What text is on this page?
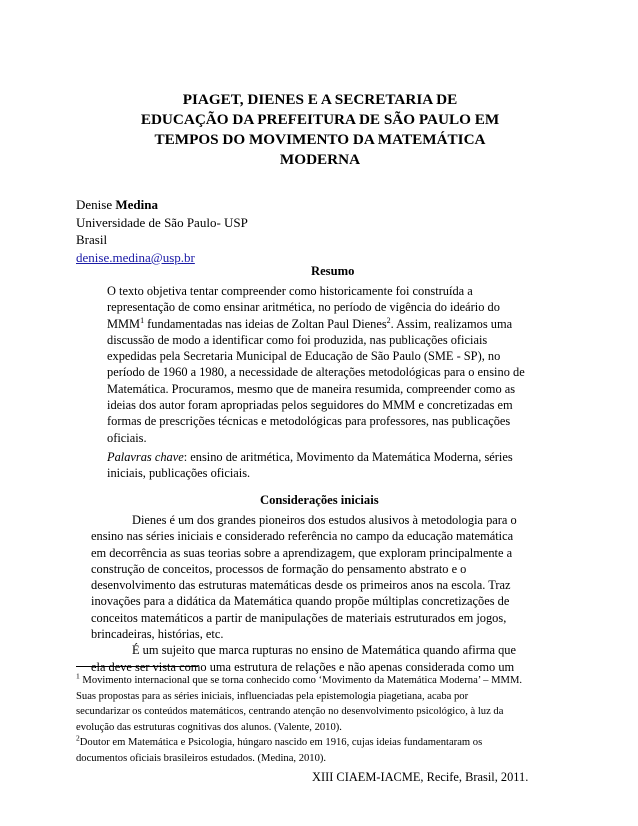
PIAGET, DIENES E A SECRETARIA DE
EDUCAÇÃO DA PREFEITURA DE SÃO PAULO EM
TEMPOS DO MOVIMENTO DA MATEMÁTICA
MODERNA
Denise Medina
Universidade de São Paulo- USP
Brasil
denise.medina@usp.br
Resumo
O texto objetiva tentar compreender como historicamente foi construída a
representação de como ensinar aritmética, no período de vigência do ideário do
MMM$^1$ fundamentadas nas ideias de Zoltan Paul Dienes$^2$. Assim, realizamos uma
discussão de modo a identificar como foi produzida, nas publicações oficiais
expedidas pela Secretaria Municipal de Educação de São Paulo (SME - SP), no
período de 1960 a 1980, a necessidade de alterações metodológicas para o ensino de
Matemática. Procuramos, mesmo que de maneira resumida, compreender como as
ideias dos autor foram apropriadas pelos seguidores do MMM e concretizadas em
formas de prescrições técnicas e metodológicas para professores, nas publicações
oficiais.
Palavras chave: ensino de aritmética, Movimento da Matemática Moderna, séries
iniciais, publicações oficiais.
Considerações iniciais
Dienes é um dos grandes pioneiros dos estudos alusivos à metodologia para o
ensino nas séries iniciais e considerado referência no campo da educação matemática
em decorrência as suas teorias sobre a aprendizagem, que exploram principalmente a
construção de conceitos, processos de formação do pensamento abstrato e o
desenvolvimento das estruturas matemáticas desde os primeiros anos na escola. Traz
inovações para a didática da Matemática quando propõe múltiplas concretizações de
conceitos matemáticos a partir de manipulações de materiais estruturados em jogos,
brincadeiras, histórias, etc.
É um sujeito que marca rupturas no ensino de Matemática quando afirma que
ela deve ser vista como uma estrutura de relações e não apenas considerada como um
$^1$ Movimento internacional que se torna conhecido como ‘Movimento da Matemática Moderna’ – MMM.
Suas propostas para as séries iniciais, influenciadas pela epistemologia piagetiana, acaba por
secundarizar os conteúdos matemáticos, centrando atenção no desenvolvimento psicológico, à luz da
evolução das estruturas cognitivas dos alunos. (Valente, 2010).
$^2$Doutor em Matemática e Psicologia, húngaro nascido em 1916, cujas ideias fundamentaram os
documentos oficiais brasileiros estudados. (Medina, 2010).
XIII CIAEM-IACME, Recife, Brasil, 2011.
